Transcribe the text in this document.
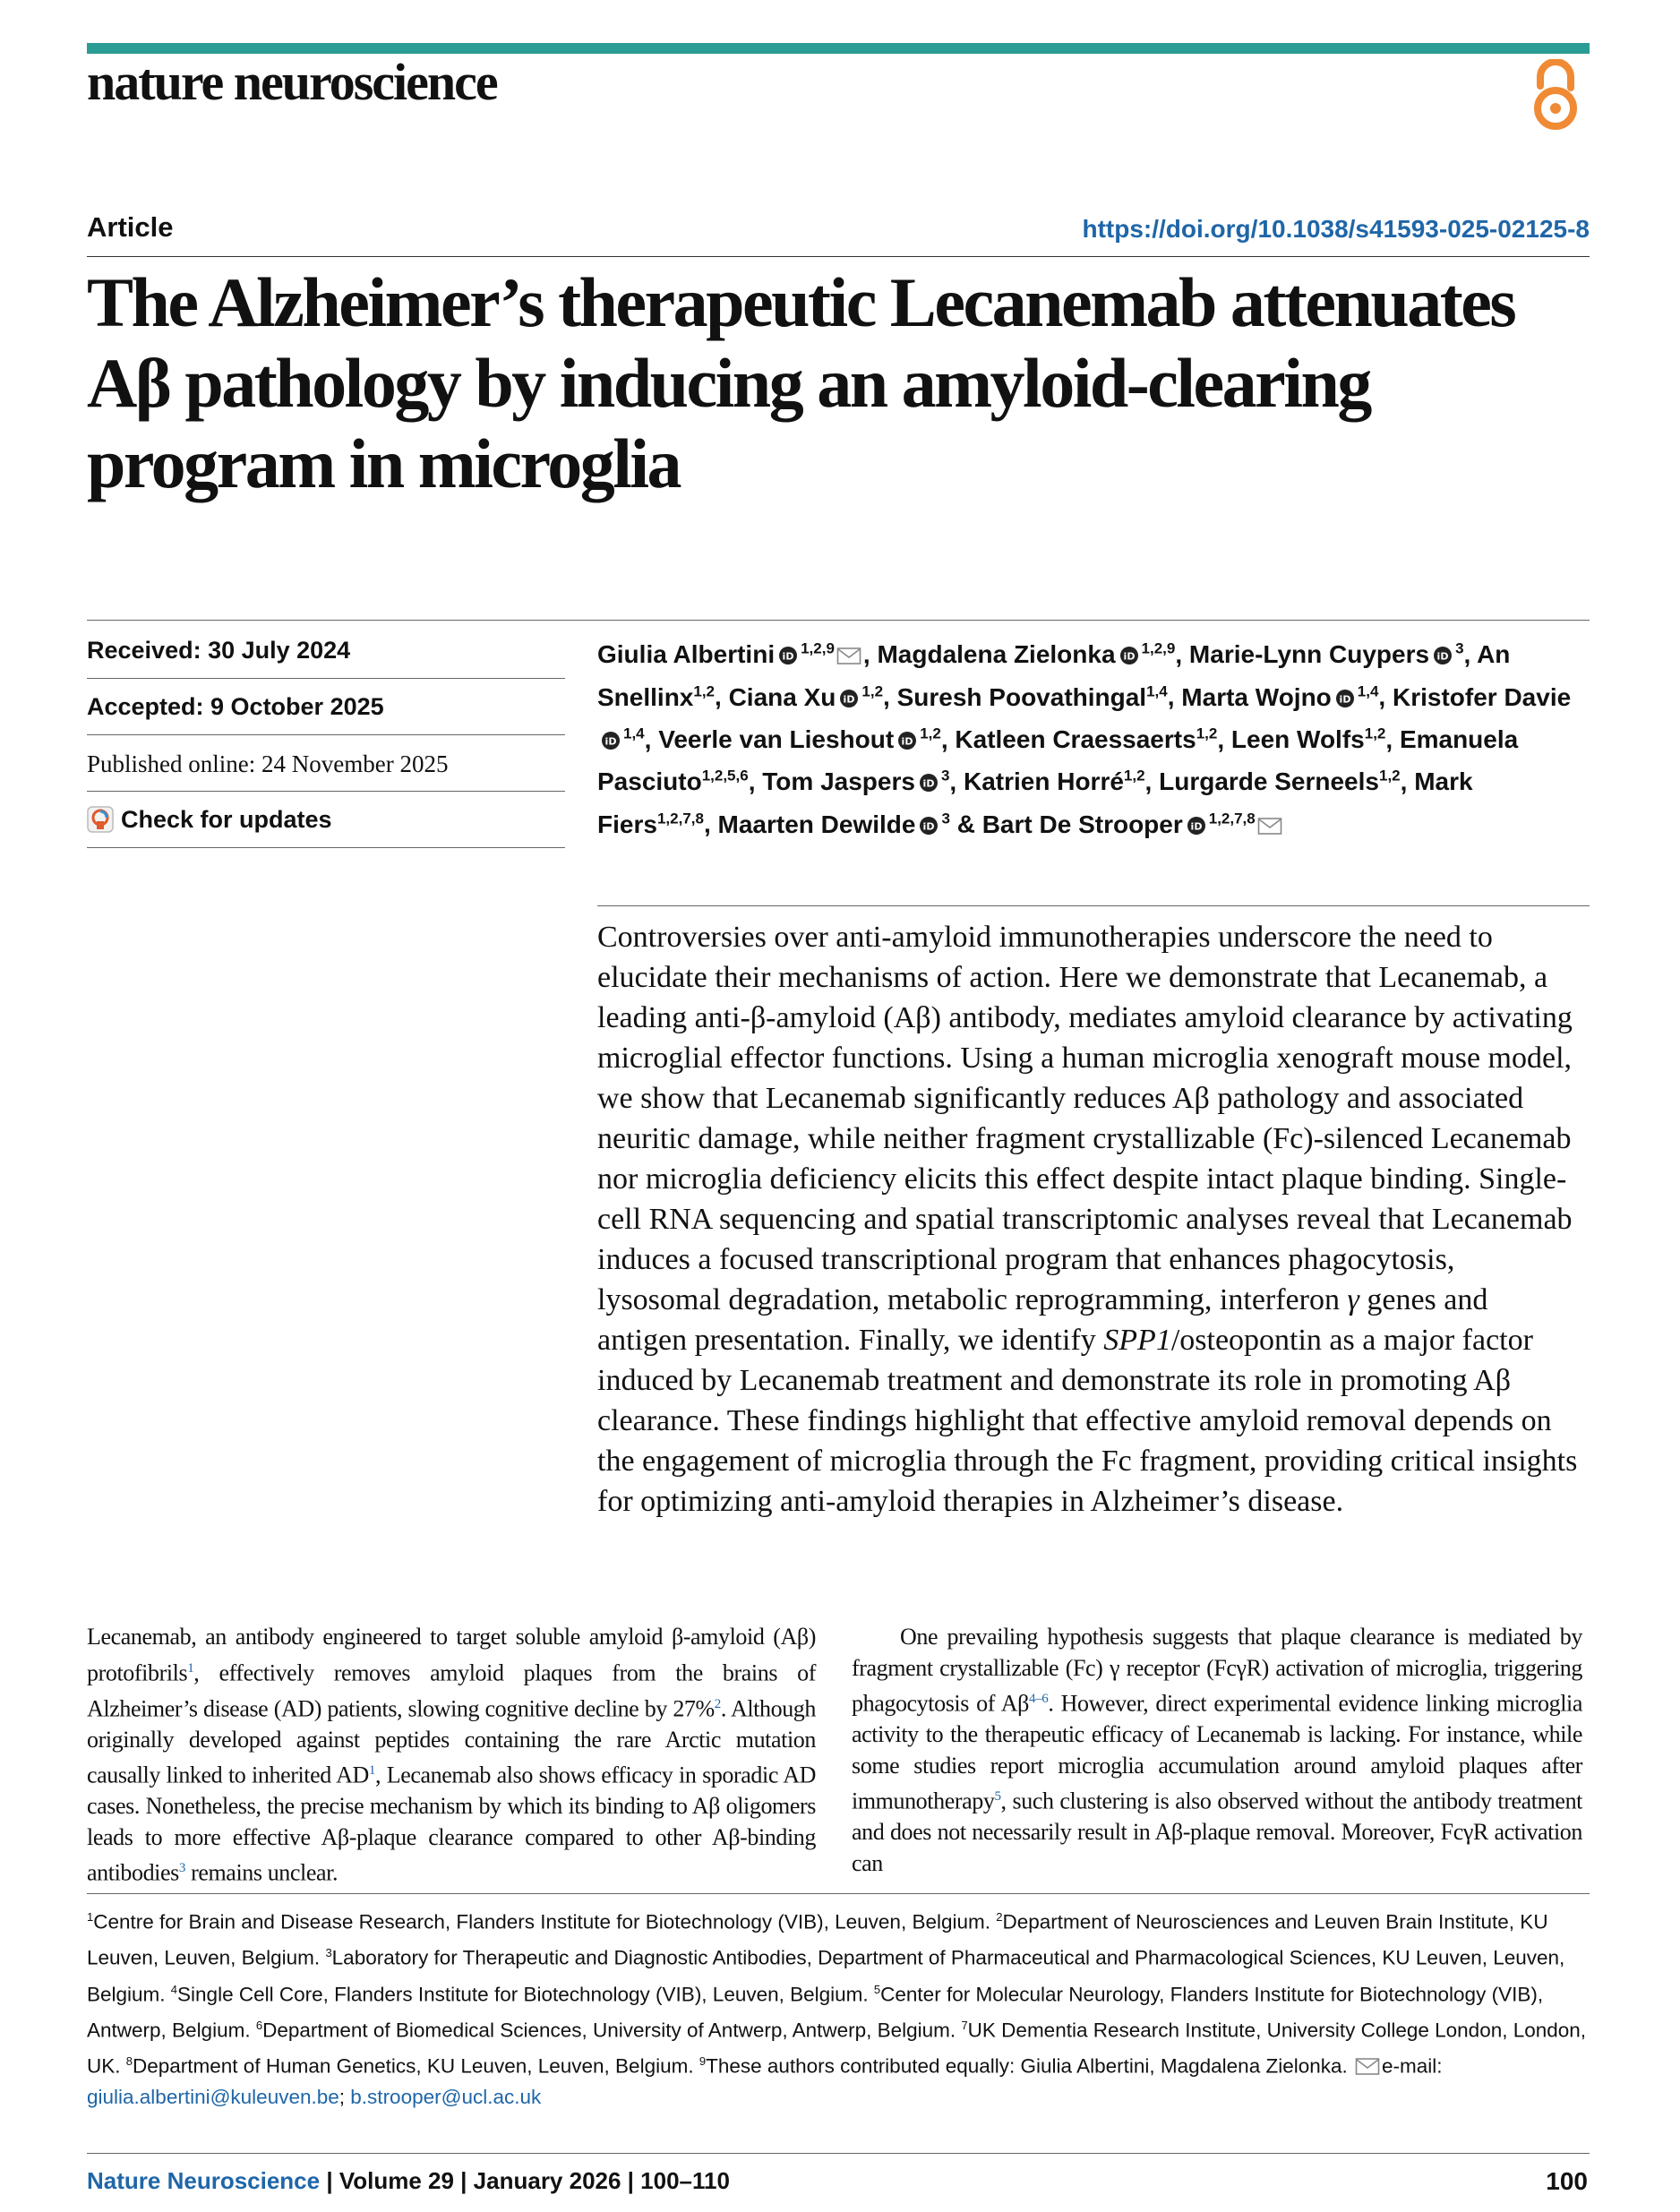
nature neuroscience
Article	https://doi.org/10.1038/s41593-025-02125-8
The Alzheimer’s therapeutic Lecanemab attenuates Aβ pathology by inducing an amyloid-clearing program in microglia
Received: 30 July 2024
Accepted: 9 October 2025
Published online: 24 November 2025
Check for updates
Giulia Albertini iD $^{1,2,9}$ , Magdalena Zielonka iD $^{1,2,9}$, Marie-Lynn Cuypers iD $^3$, An Snellinx$^{1,2}$, Ciana Xu iD $^{1,2}$, Suresh Poovathingal$^{1,4}$, Marta Wojno iD $^{1,4}$, Kristofer Davie
iD $^{1,4}$, Veerle van Lieshout iD $^{1,2}$, Katleen Craessaerts$^{1,2}$, Leen Wolfs$^{1,2}$, Emanuela Pasciuto$^{1,2,5,6}$, Tom Jaspers iD $^3$, Katrien Horré$^{1,2}$, Lurgarde Serneels$^{1,2}$, Mark Fiers$^{1,2,7,8}$, Maarten Dewilde iD $^3$ & Bart De Strooper iD $^{1,2,7,8}$

Controversies over anti-amyloid immunotherapies underscore the need to elucidate their mechanisms of action. Here we demonstrate that Lecanemab, a leading anti-β-amyloid (Aβ) antibody, mediates amyloid clearance by activating microglial effector functions. Using a human microglia xenograft mouse model, we show that Lecanemab significantly reduces Aβ pathology and associated neuritic damage, while neither fragment crystallizable (Fc)-silenced Lecanemab nor microglia deficiency elicits this effect despite intact plaque binding. Single-cell RNA sequencing and spatial transcriptomic analyses reveal that Lecanemab induces a focused transcriptional program that enhances phagocytosis, lysosomal degradation, metabolic reprogramming, interferon γ genes and antigen presentation. Finally, we identify SPP1/osteopontin as a major factor induced by Lecanemab treatment and demonstrate its role in promoting Aβ clearance. These findings highlight that effective amyloid removal depends on the engagement of microglia through the Fc fragment, providing critical insights for optimizing anti-amyloid therapies in Alzheimer’s disease.

Lecanemab, an antibody engineered to target soluble amyloid β-amyloid (Aβ) protofibrils$^1$, effectively removes amyloid plaques from the brains of Alzheimer’s disease (AD) patients, slowing cognitive decline by 27%$^2$. Although originally developed against peptides containing the rare Arctic mutation causally linked to inherited $AD^1$, Lecanemab also shows efficacy in sporadic AD cases. Nonetheless, the precise mechanism by which its binding to Aβ oligomers leads to more effective Aβ-plaque clearance compared to other Aβ-binding antibodies$^3$ remains unclear.

One prevailing hypothesis suggests that plaque clearance is mediated by fragment crystallizable (Fc) γ receptor (FcγR) activation of microglia, triggering phagocytosis of $A\beta^{4-6}$. However, direct experimental evidence linking microglia activity to the therapeutic efficacy of Lecanemab is lacking. For instance, while some studies report microglia accumulation around amyloid plaques after immunotherapy$^5$, such clustering is also observed without the antibody treatment and does not necessarily result in Aβ-plaque removal. Moreover, FcγR activation can

$^1$Centre for Brain and Disease Research, Flanders Institute for Biotechnology (VIB), Leuven, Belgium. $^2$Department of Neurosciences and Leuven Brain Institute, KU Leuven, Leuven, Belgium. $^3$Laboratory for Therapeutic and Diagnostic Antibodies, Department of Pharmaceutical and Pharmacological Sciences, KU Leuven, Leuven, Belgium. $^4$Single Cell Core, Flanders Institute for Biotechnology (VIB), Leuven, Belgium. $^5$Center for Molecular Neurology, Flanders Institute for Biotechnology (VIB), Antwerp, Belgium. $^6$Department of Biomedical Sciences, University of Antwerp, Antwerp, Belgium. $^7$UK Dementia Research Institute, University College London, London, UK. $^8$Department of Human Genetics, KU Leuven, Leuven, Belgium. $^9$These authors contributed equally: Giulia Albertini, Magdalena Zielonka. e-mail: giulia.albertini@kuleuven.be; b.strooper@ucl.ac.uk

Nature Neuroscience | Volume 29 | January 2026 | 100–110	100
